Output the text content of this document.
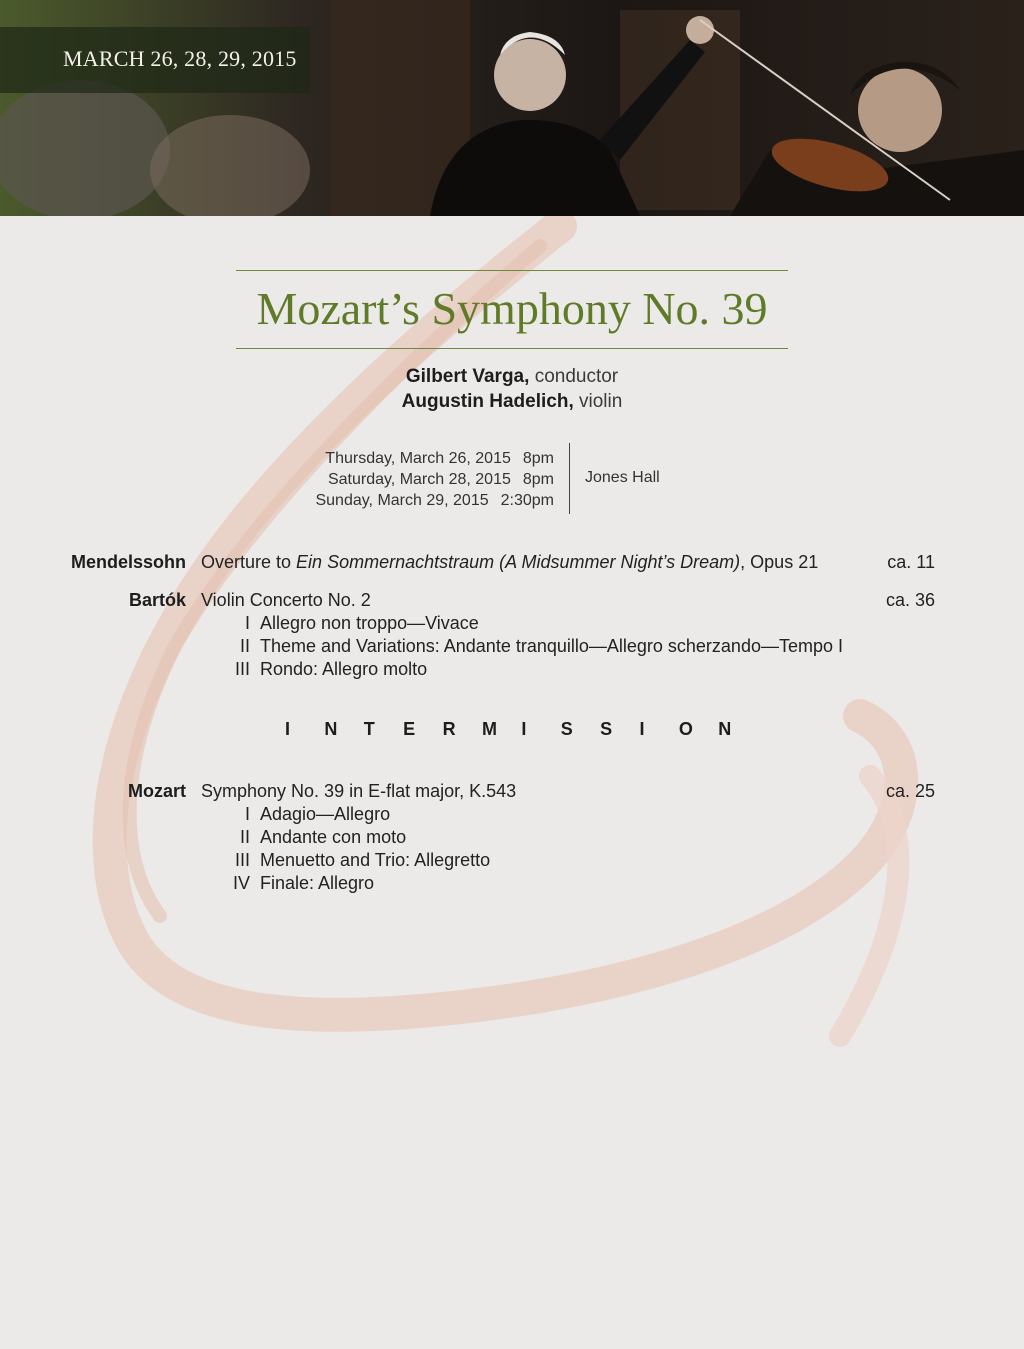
MARCH 26, 28, 29, 2015
Mozart’s Symphony No. 39
Gilbert Varga, conductor
Augustin Hadelich, violin
Thursday, March 26, 2015 8pm
Saturday, March 28, 2015 8pm
Sunday, March 29, 2015 2:30pm
Jones Hall
Mendelssohn Overture to Ein Sommernachtstraum (A Midsummer Night’s Dream), Opus 21	ca. 11
Bartók Violin Concerto No. 2	ca. 36
I Allegro non troppo—Vivace
II Theme and Variations: Andante tranquillo—Allegro scherzando—Tempo I
III Rondo: Allegro molto
I	N	T	E	R	M	I	S	S	I	O	N
Mozart Symphony No. 39 in E-flat major, K.543	ca. 25
I Adagio—Allegro
II Andante con moto
III Menuetto and Trio: Allegretto
IV Finale: Allegro
